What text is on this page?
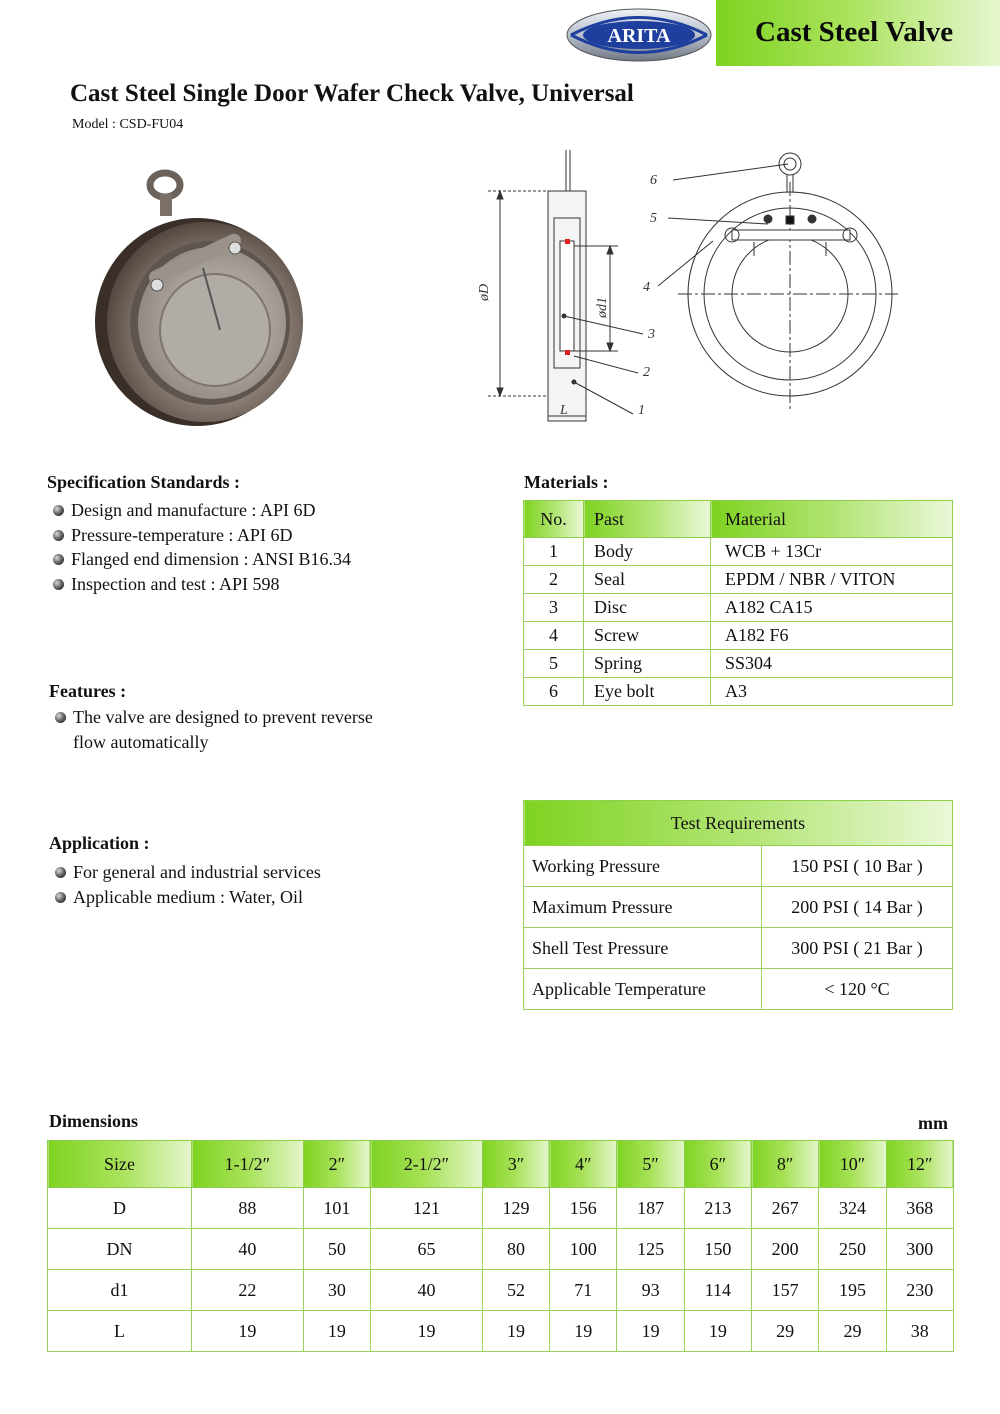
ARITA	Cast Steel Valve
Cast Steel Single Door Wafer Check Valve, Universal
Model : CSD-FU04
øD
ød1
L	1
2
3
4
5
6
Specification Standards :
Design and manufacture : API 6D
Pressure-temperature : API 6D
Flanged end dimension : ANSI B16.34
Inspection and test : API 598
Features :
The valve are designed to prevent reverse
flow automatically
Application :
For general and industrial services
Applicable medium : Water, Oil
Materials :
No.	Past	Material
1	Body	WCB + 13Cr
2	Seal	EPDM / NBR / VITON
3	Disc	A182 CA15
4	Screw	A182 F6
5	Spring	SS304
6	Eye bolt	A3
Test Requirements	
Working Pressure	150 PSI ( 10 Bar )
Maximum Pressure	200 PSI ( 14 Bar )
Shell Test Pressure	300 PSI ( 21 Bar )
Applicable Temperature	< 120 °C
Dimensions	mm
Size	1-1/2″	2″	2-1/2″	3″	4″	5″	6″	8″	10″	12″
D	88	101	121	129	156	187	213	267	324	368
DN	40	50	65	80	100	125	150	200	250	300
d1	22	30	40	52	71	93	114	157	195	230
L	19	19	19	19	19	19	19	29	29	38
